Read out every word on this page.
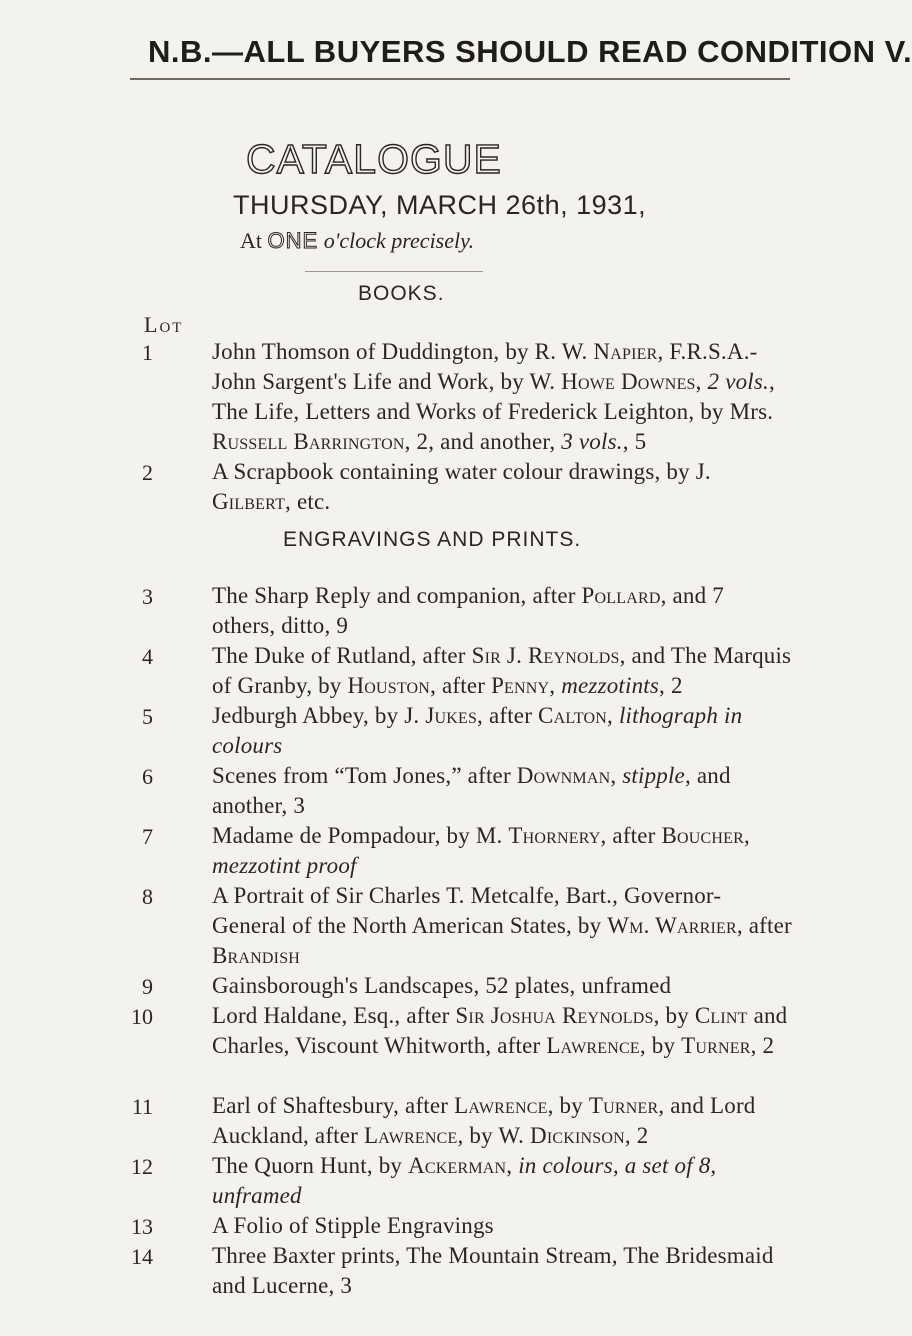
N.B.—ALL BUYERS SHOULD READ CONDITION V.
CATALOGUE
THURSDAY, MARCH 26th, 1931,
At ONE o'clock precisely.
BOOKS.
Lot
1
2
3
4
5
6
7
8
9
10
11
12
13
14
John Thomson of Duddington, by R. W. Napier, F.R.S.A.- John Sargent's Life and Work, by W. Howe Downes, 2 vols., The Life, Letters and Works of Frederick Leighton, by Mrs. Russell Barrington, 2, and another, 3 vols., 5
A Scrapbook containing water colour drawings, by J. Gilbert, etc.
ENGRAVINGS AND PRINTS.
The Sharp Reply and companion, after Pollard, and 7 others, ditto, 9
The Duke of Rutland, after Sir J. Reynolds, and The Marquis of Granby, by Houston, after Penny, mezzotints, 2
Jedburgh Abbey, by J. Jukes, after Calton, lithograph in colours
Scenes from “Tom Jones,” after Downman, stipple, and another, 3
Madame de Pompadour, by M. Thornery, after Boucher, mezzotint proof
A Portrait of Sir Charles T. Metcalfe, Bart., Governor-General of the North American States, by Wm. Warrier, after Brandish
Gainsborough's Landscapes, 52 plates, unframed
Lord Haldane, Esq., after Sir Joshua Reynolds, by Clint and Charles, Viscount Whitworth, after Lawrence, by Turner, 2
Earl of Shaftesbury, after Lawrence, by Turner, and Lord Auckland, after Lawrence, by W. Dickinson, 2
The Quorn Hunt, by Ackerman, in colours, a set of 8, unframed
A Folio of Stipple Engravings
Three Baxter prints, The Mountain Stream, The Bridesmaid and Lucerne, 3
